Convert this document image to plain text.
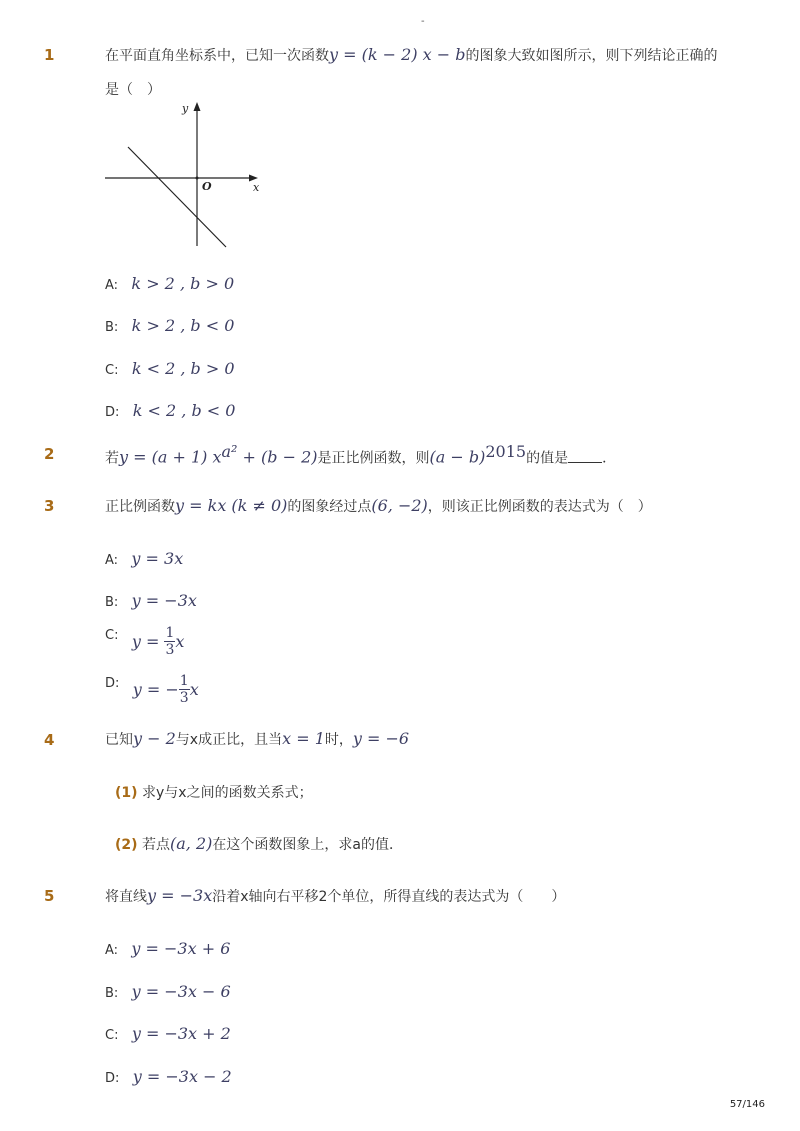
-
1	在平面直角坐标系中，已知一次函数y = (k − 2) x − b的图象大致如图所示，则下列结论正确的
是（　）
y
x
O
A: k > 2 , b > 0
B: k > 2 , b < 0
C: k < 2 , b > 0
D: k < 2 , b < 0
2	若y = (a + 1) $x^{a^2} + (b - 2)$是正比例函数，则$(a - b)^{2015}$的值是 ．
3	正比例函数y = kx (k ≠ 0)的图象经过点(6, −2)，则该正比例函数的表达式为（　）
A: y = 3x
B: y = −3x
C: $y = \frac{1}{3}$ x
D: y = − $\frac{1}{3}$ x
4	已知y − 2与x成正比，且当x = 1时，y = −6
(1) 求y与x之间的函数关系式；
(2) 若点(a, 2)在这个函数图象上，求a的值．
5	将直线y = −3x沿着x轴向右平移2个单位，所得直线的表达式为（　　）
A: y = −3x + 6
B: y = −3x − 6
C: y = −3x + 2
D: y = −3x − 2
57/146
